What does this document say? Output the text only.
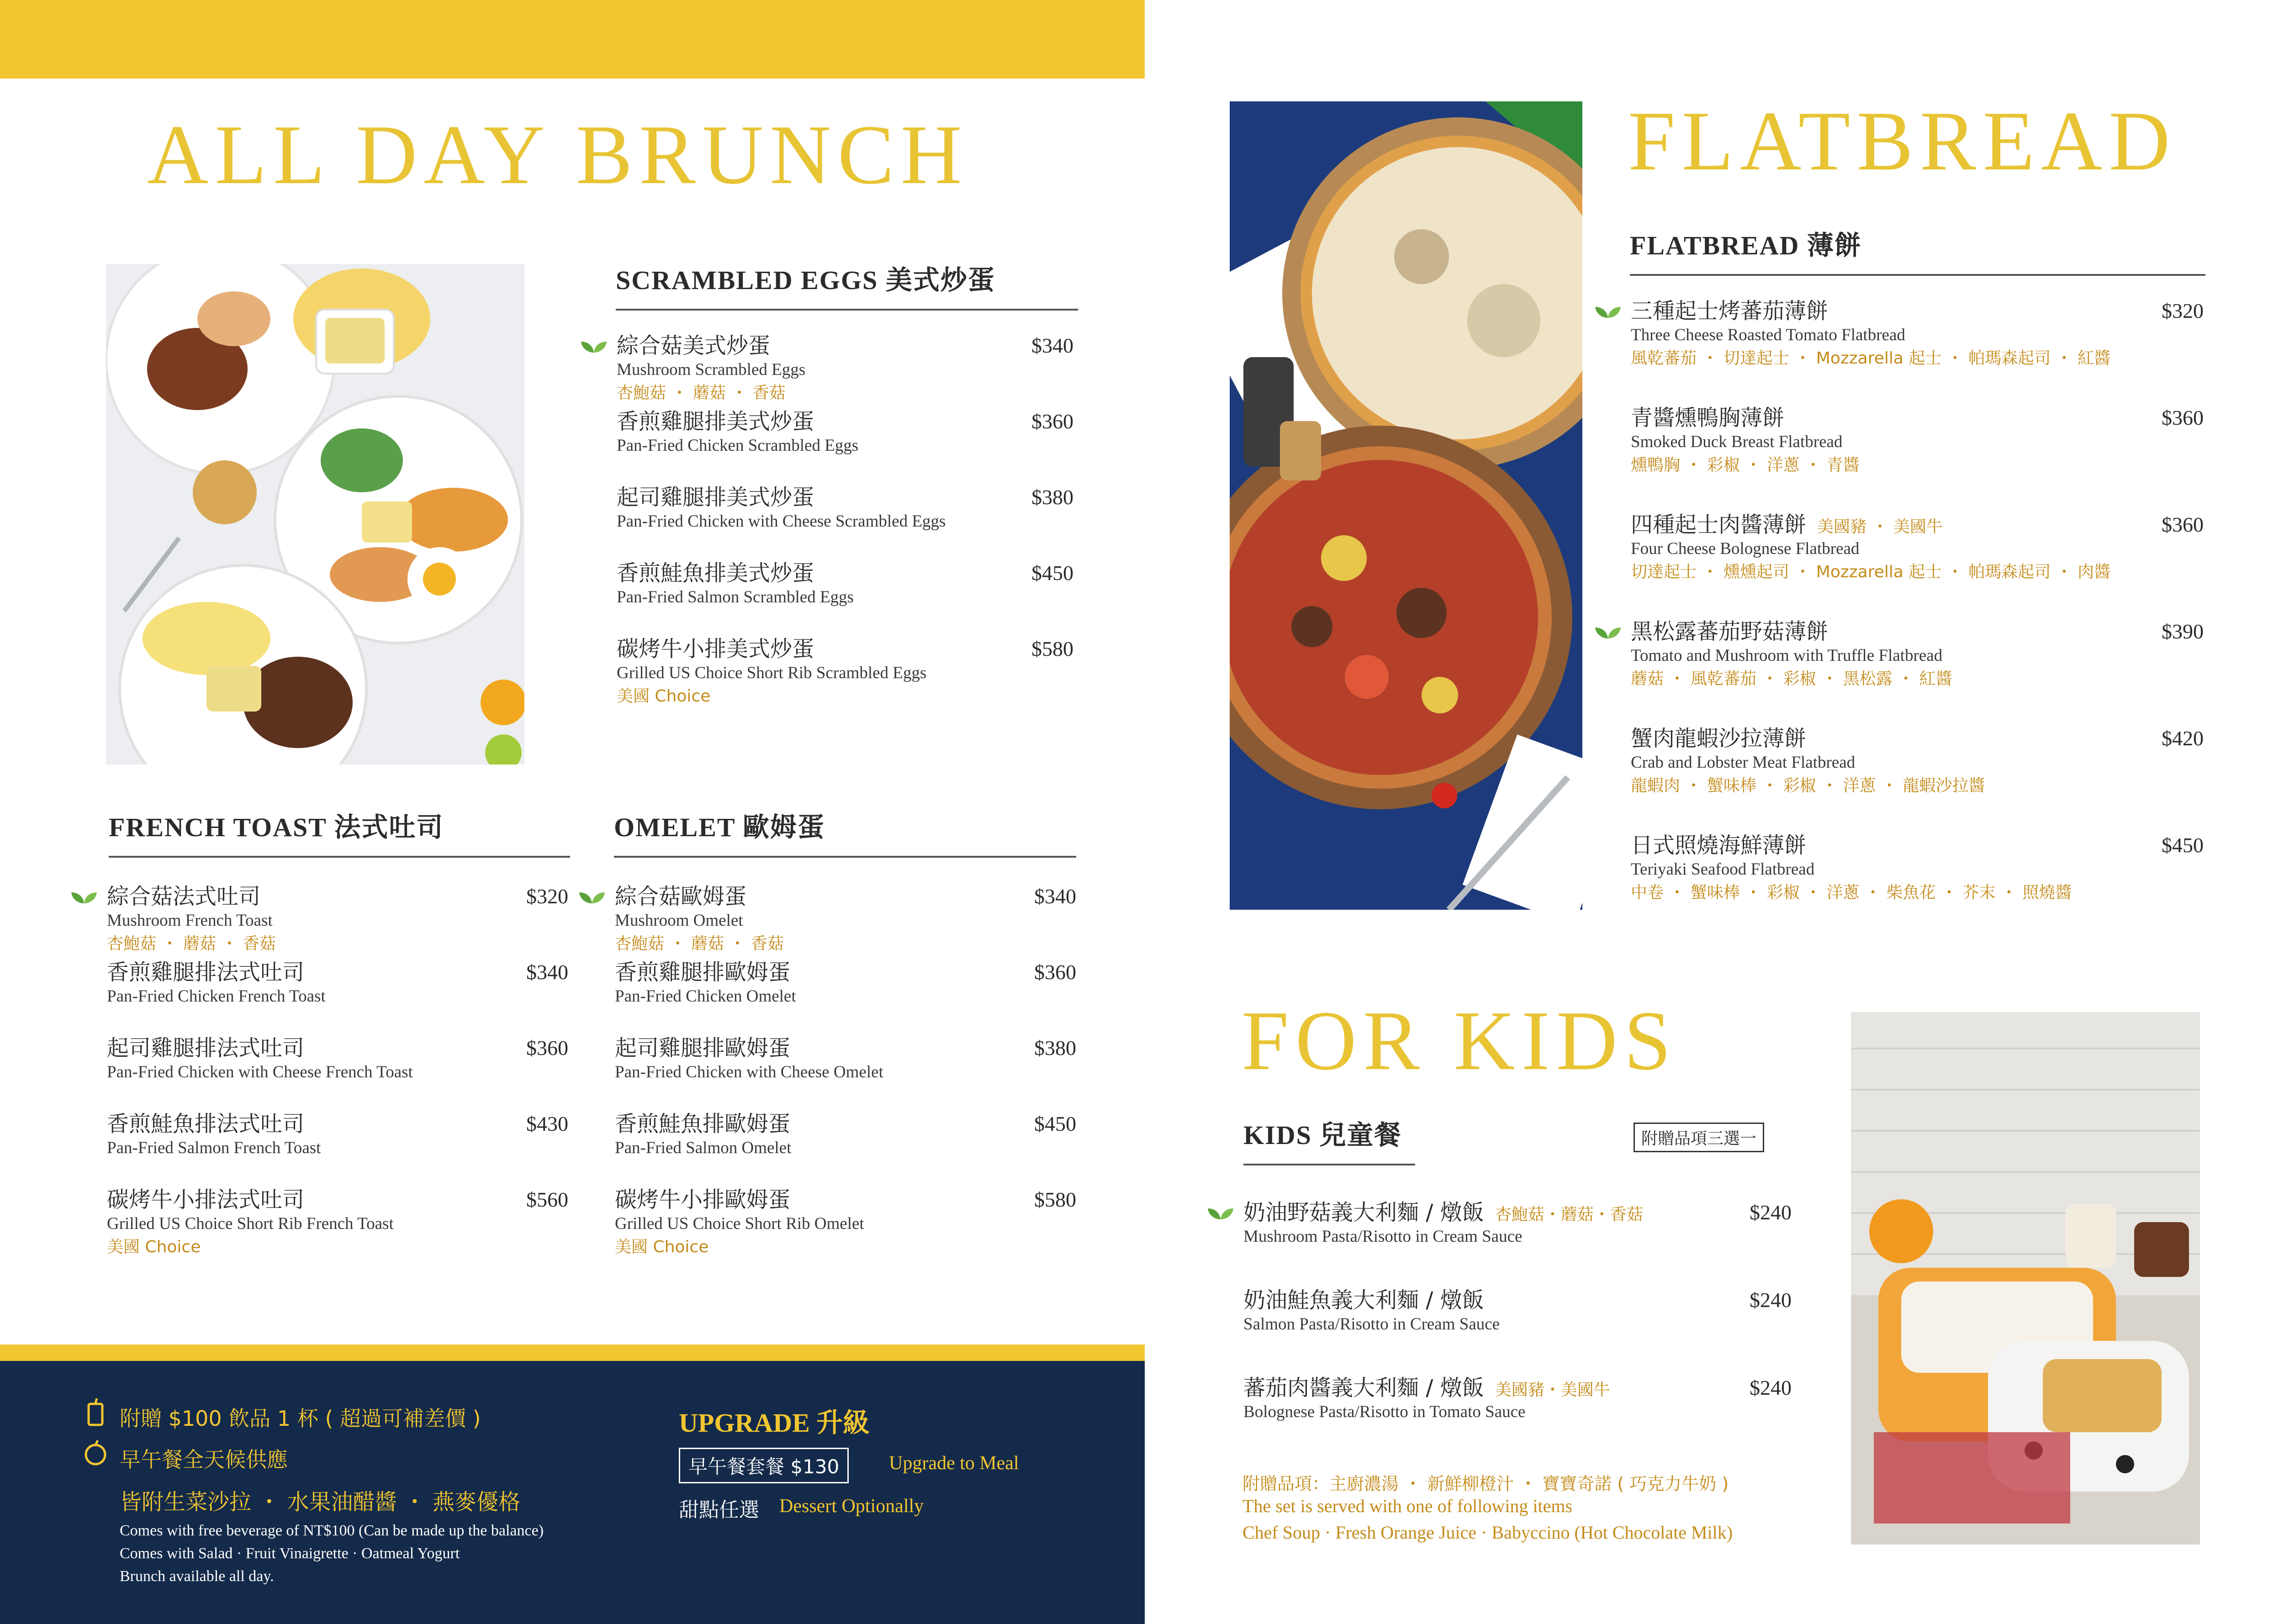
ALL DAY BRUNCH
SCRAMBLED EGGS 美式炒蛋
綜合菇美式炒蛋
Mushroom Scrambled Eggs
杏鮑菇 ・ 蘑菇 ・ 香菇
$340
香煎雞腿排美式炒蛋
Pan-Fried Chicken Scrambled Eggs
$360
起司雞腿排美式炒蛋
Pan-Fried Chicken with Cheese Scrambled Eggs
$380
香煎鮭魚排美式炒蛋
Pan-Fried Salmon Scrambled Eggs
$450
碳烤牛小排美式炒蛋
Grilled US Choice Short Rib Scrambled Eggs
美國 Choice
$580
FRENCH TOAST 法式吐司
綜合菇法式吐司
Mushroom French Toast
杏鮑菇 ・ 蘑菇 ・ 香菇
$320
香煎雞腿排法式吐司
Pan-Fried Chicken French Toast
$340
起司雞腿排法式吐司
Pan-Fried Chicken with Cheese French Toast
$360
香煎鮭魚排法式吐司
Pan-Fried Salmon French Toast
$430
碳烤牛小排法式吐司
Grilled US Choice Short Rib French Toast
美國 Choice
$560
OMELET 歐姆蛋
綜合菇歐姆蛋
Mushroom Omelet
杏鮑菇 ・ 蘑菇 ・ 香菇
$340
香煎雞腿排歐姆蛋
Pan-Fried Chicken Omelet
$360
起司雞腿排歐姆蛋
Pan-Fried Chicken with Cheese Omelet
$380
香煎鮭魚排歐姆蛋
Pan-Fried Salmon Omelet
$450
碳烤牛小排歐姆蛋
Grilled US Choice Short Rib Omelet
美國 Choice
$580
附贈 $100 飲品 1 杯 ( 超過可補差價 )
早午餐全天候供應
皆附生菜沙拉 ・ 水果油醋醬 ・ 燕麥優格
Comes with free beverage of NT$100 (Can be made up the balance)
Comes with Salad · Fruit Vinaigrette · Oatmeal Yogurt
Brunch available all day.
UPGRADE 升級
早午餐套餐 $130	Upgrade to Meal
甜點任選 Dessert Optionally
FLATBREAD
FLATBREAD 薄餅
三種起士烤蕃茄薄餅
Three Cheese Roasted Tomato Flatbread
風乾蕃茄 ・ 切達起士 ・ Mozzarella 起士 ・ 帕瑪森起司 ・ 紅醬
$320
青醬燻鴨胸薄餅
Smoked Duck Breast Flatbread
燻鴨胸 ・ 彩椒 ・ 洋蔥 ・ 青醬
$360
四種起士肉醬薄餅 美國豬 ・ 美國牛
Four Cheese Bolognese Flatbread
切達起士 ・ 燻燻起司 ・ Mozzarella 起士 ・ 帕瑪森起司 ・ 肉醬
$360
黑松露蕃茄野菇薄餅
Tomato and Mushroom with Truffle Flatbread
蘑菇 ・ 風乾蕃茄 ・ 彩椒 ・ 黑松露 ・ 紅醬
$390
蟹肉龍蝦沙拉薄餅
Crab and Lobster Meat Flatbread
龍蝦肉 ・ 蟹味棒 ・ 彩椒 ・ 洋蔥 ・ 龍蝦沙拉醬
$420
日式照燒海鮮薄餅
Teriyaki Seafood Flatbread
中卷 ・ 蟹味棒 ・ 彩椒 ・ 洋蔥 ・ 柴魚花 ・ 芥末 ・ 照燒醬
$450
FOR KIDS
KIDS 兒童餐	附贈品項三選一
奶油野菇義大利麵 / 燉飯 杏鮑菇・蘑菇・香菇
Mushroom Pasta/Risotto in Cream Sauce
$240
奶油鮭魚義大利麵 / 燉飯
Salmon Pasta/Risotto in Cream Sauce
$240
蕃茄肉醬義大利麵 / 燉飯 美國豬・美國牛
Bolognese Pasta/Risotto in Tomato Sauce
$240
附贈品項：主廚濃湯 ・ 新鮮柳橙汁 ・ 寶寶奇諾 ( 巧克力牛奶 )
The set is served with one of following items
Chef Soup · Fresh Orange Juice · Babyccino (Hot Chocolate Milk)
